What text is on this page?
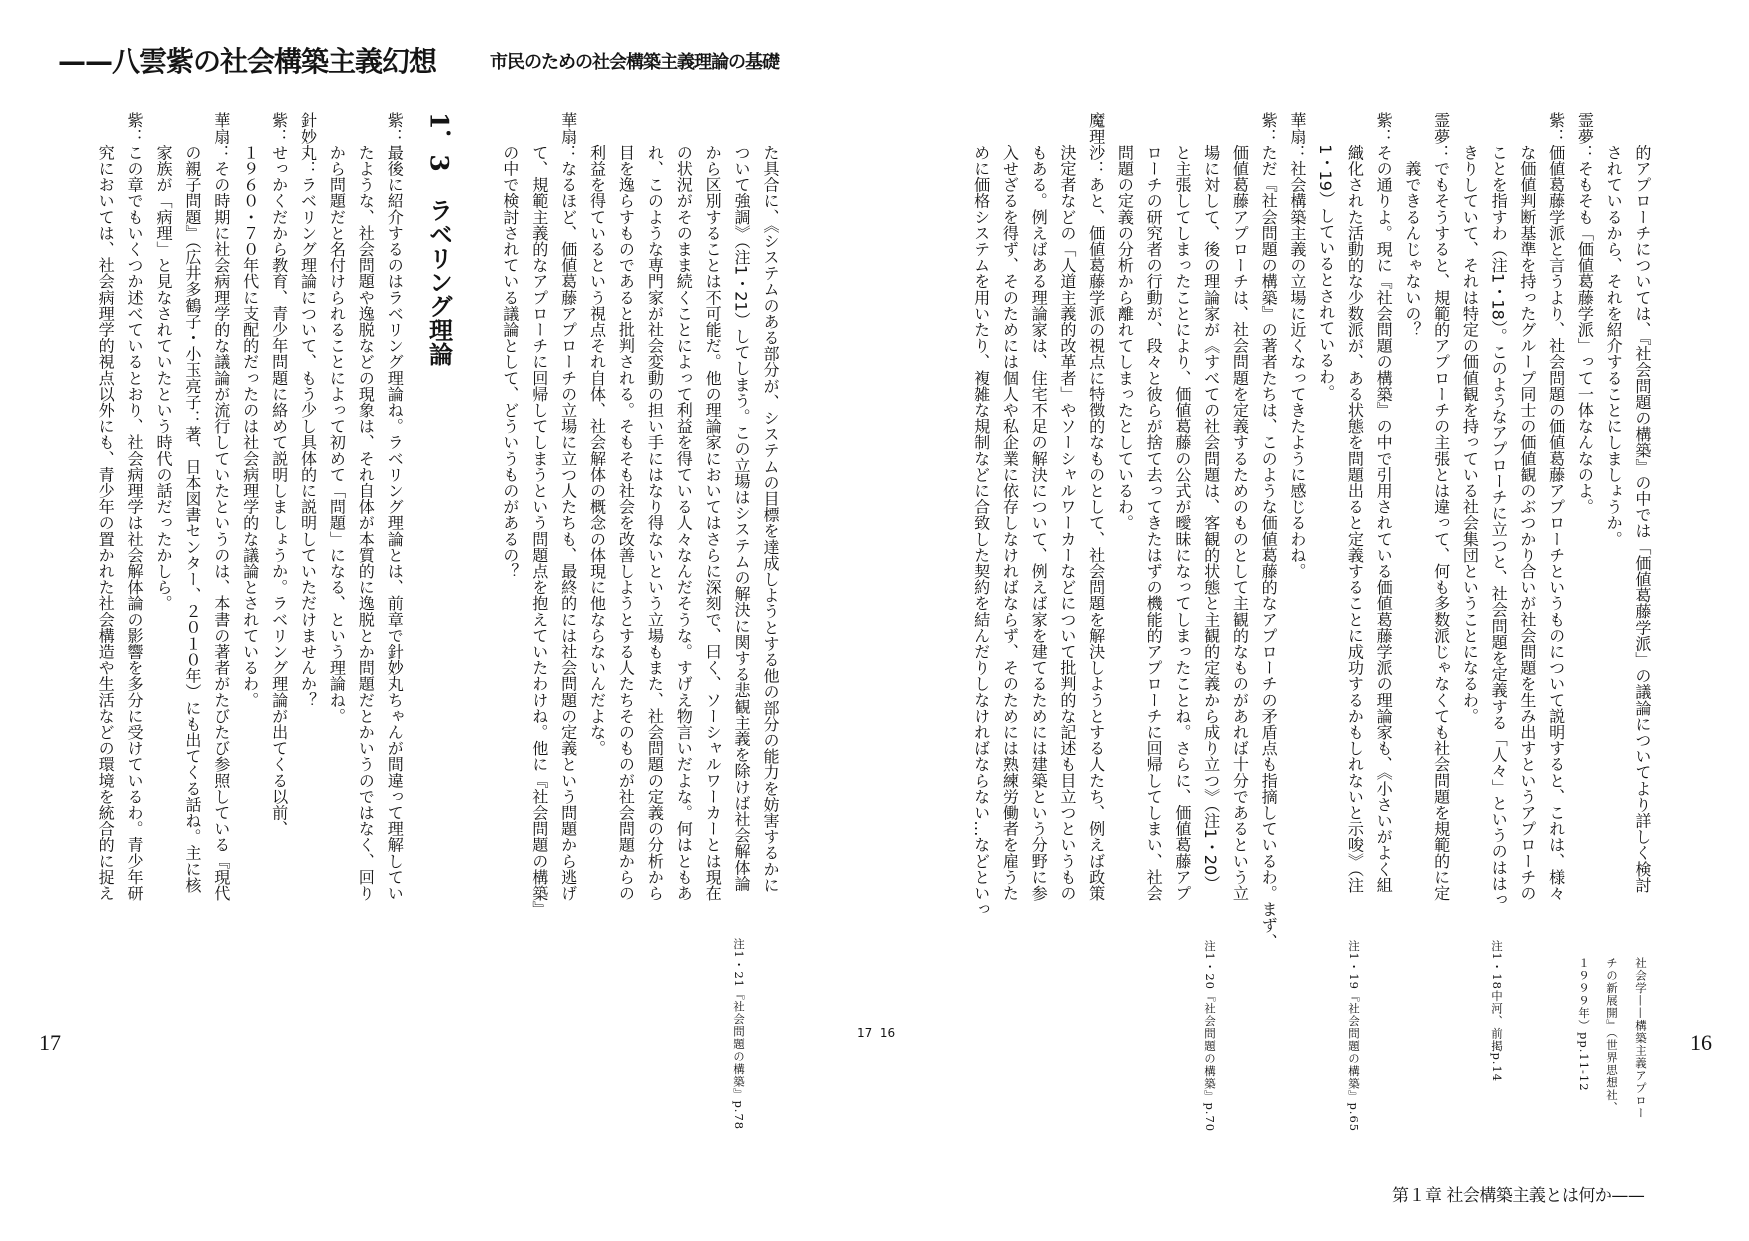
——八雲紫の社会構築主義幻想	市民のための社会構築主義理論の基礎
　　的アプローチについては、『社会問題の構築』の中では「価値葛藤学派」の議論についてより詳しく検討
　　されているから、それを紹介することにしましょうか。
霊夢：そもそも「価値葛藤学派」って一体なんなのよ。
紫：価値葛藤学派と言うより、社会問題の価値葛藤アプローチというものについて説明すると、これは、様々
　　な価値判断基準を持ったグループ同士の価値観のぶつかり合いが社会問題を生み出すというアプローチの
　　ことを指すわ（注1・18）。このようなアプローチに立つと、社会問題を定義する「人々」というのははっ
　　きりしていて、それは特定の価値観を持っている社会集団ということになるわ。
霊夢：でもそうすると、規範的アプローチの主張とは違って、何も多数派じゃなくても社会問題を規範的に定
　　　義できるんじゃないの？
紫：その通りよ。現に『社会問題の構築』の中で引用されている価値葛藤学派の理論家も、《小さいがよく組
　　織化された活動的な少数派が、ある状態を問題出ると定義することに成功するかもしれないと示唆》（注
　　1・19）しているとされているわ。
華扇：社会構築主義の立場に近くなってきたように感じるわね。
紫：ただ『社会問題の構築』の著者たちは、このような価値葛藤的なアプローチの矛盾点も指摘しているわ。まず、
　　価値葛藤アプローチは、社会問題を定義するためのものとして主観的なものがあれば十分であるという立
　　場に対して、後の理論家が《すべての社会問題は、客観的状態と主観的定義から成り立つ》（注1・20）
　　と主張してしまったことにより、価値葛藤の公式が曖昧になってしまったことね。さらに、価値葛藤アプ
　　ローチの研究者の行動が、段々と彼らが捨て去ってきたはずの機能的アプローチに回帰してしまい、社会
　　問題の定義の分析から離れてしまったとしているわ。
魔理沙：あと、価値葛藤学派の視点に特徴的なものとして、社会問題を解決しようとする人たち、例えば政策
　　決定者などの「人道主義的改革者」やソーシャルワーカーなどについて批判的な記述も目立つというもの
　　もある。例えばある理論家は、住宅不足の解決について、例えば家を建てるためには建築という分野に参
　　入せざるを得ず、そのためには個人や私企業に依存しなければならず、そのためには熟練労働者を雇うた
　　めに価格システムを用いたり、複雑な規制などに合致した契約を結んだりしなければならない…などといっ
　　た具合に、《システムのある部分が、システムの目標を達成しようとする他の部分の能力を妨害するかに
　　ついて強調》（注1・21）してしまう。この立場はシステムの解決に関する悲観主義を除けば社会解体論
　　から区別することは不可能だ。他の理論家においてはさらに深刻で、曰く、ソーシャルワーカーとは現在
　　の状況がそのまま続くことによって利益を得ている人々なんだそうな。すげえ物言いだよな。何はともあ
　　れ、このような専門家が社会変動の担い手にはなり得ないという立場もまた、社会問題の定義の分析から
　　目を逸らすものであると批判される。そもそも社会を改善しようとする人たちそのものが社会問題からの
　　利益を得ているという視点それ自体、社会解体の概念の体現に他ならないんだよな。
華扇：なるほど、価値葛藤アプローチの立場に立つ人たちも、最終的には社会問題の定義という問題から逃げ
　　て、規範主義的なアプローチに回帰してしまうという問題点を抱えていたわけね。他に『社会問題の構築』
　　の中で検討されている議論として、どういうものがあるの？
1．3　ラベリング理論
紫：最後に紹介するのはラベリング理論ね。ラベリング理論とは、前章で針妙丸ちゃんが間違って理解してい
　　たような、社会問題や逸脱などの現象は、それ自体が本質的に逸脱とか問題だとかいうのではなく、回り
　　から問題だと名付けられることによって初めて「問題」になる、という理論ね。
針妙丸：ラベリング理論について、もう少し具体的に説明していただけませんか？
紫：せっかくだから教育、青少年問題に絡めて説明しましょうか。ラベリング理論が出てくる以前、
　　１９６０・７０年代に支配的だったのは社会病理学的な議論とされているわ。
華扇：その時期に社会病理学的な議論が流行していたというのは、本書の著者がたびたび参照している『現代
　　の親子問題』（広井多鶴子・小玉亮子：著、日本図書センター、２０１０年）にも出てくる話ね。主に核
　　家族が「病理」と見なされていたという時代の話だったかしら。
紫：この章でもいくつか述べているとおり、社会病理学は社会解体論の影響を多分に受けているわ。青少年研
　　究においては、社会病理学的視点以外にも、青少年の置かれた社会構造や生活などの環境を統合的に捉え
社会学——構築主義アプロー
チの新展開』（世界思想社、
１９９９年）pp.11-12
注1・18中河、前掲p.14
注1・19『社会問題の構築』p.65
注1・20『社会問題の構築』p.70
注1・21『社会問題の構築』p.78
17	16
17  16
第１章 社会構築主義とは何か——
